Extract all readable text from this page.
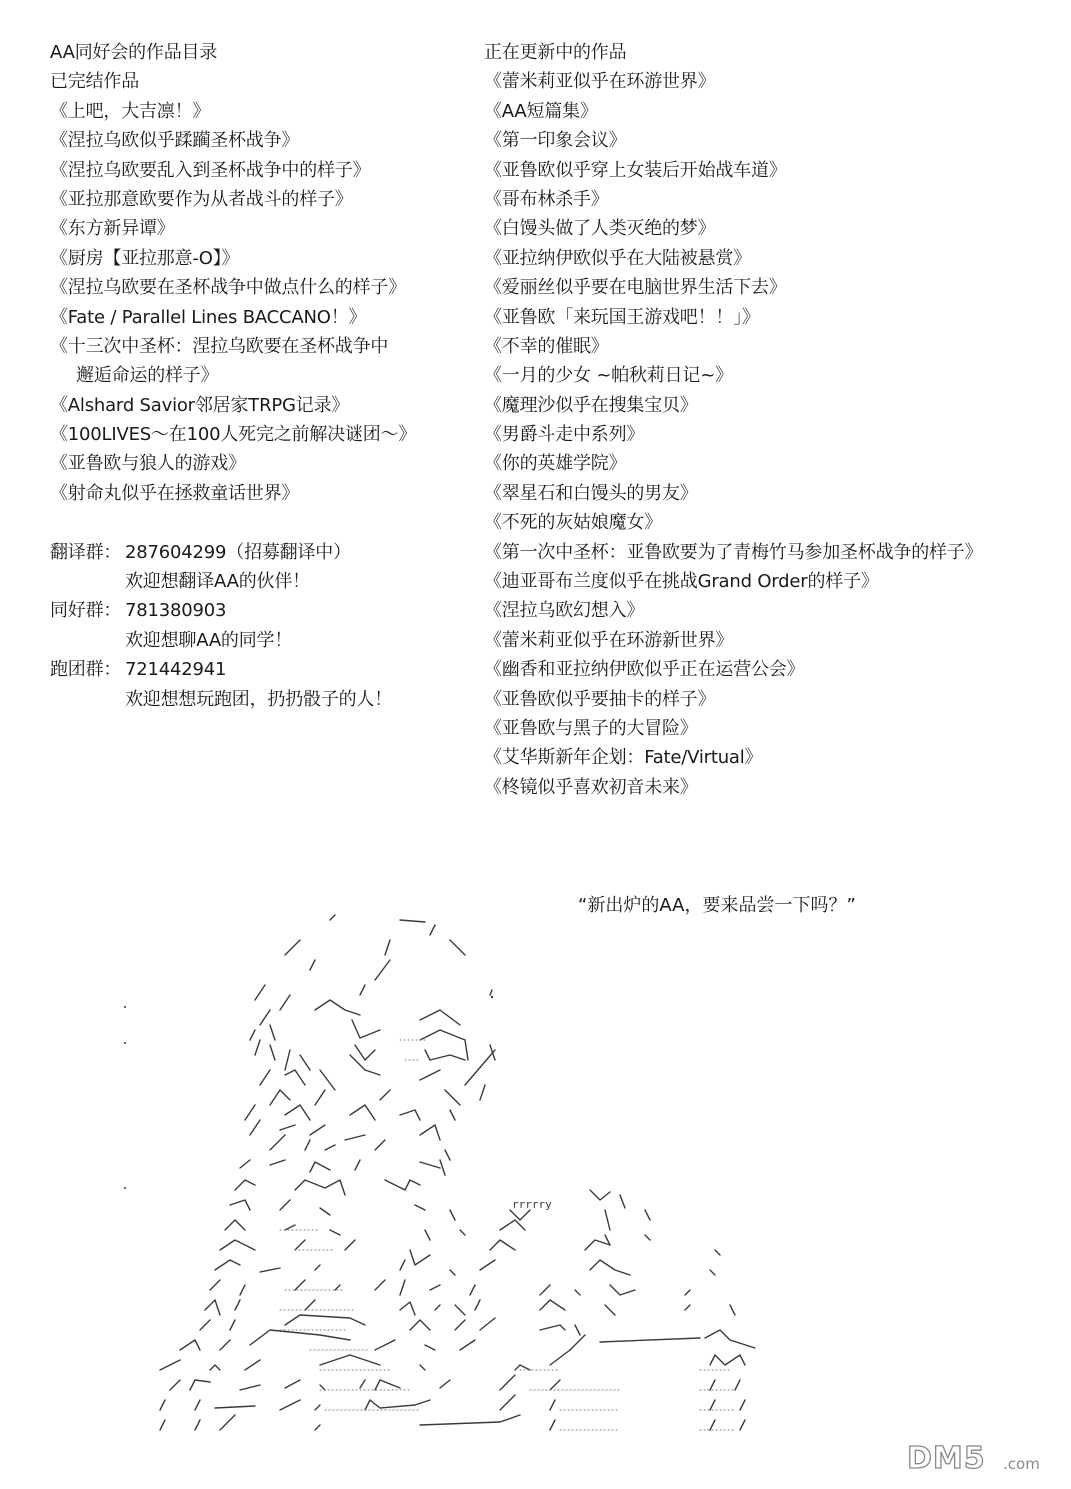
AA同好会的作品目录
已完结作品
《上吧，大吉凛！》
《涅拉乌欧似乎蹂躏圣杯战争》
《涅拉乌欧要乱入到圣杯战争中的样子》
《亚拉那意欧要作为从者战斗的样子》
《东方新异谭》
《厨房【亚拉那意-O】》
《涅拉乌欧要在圣杯战争中做点什么的样子》
《Fate / Parallel Lines BACCANO！》
《十三次中圣杯：涅拉乌欧要在圣杯战争中
邂逅命运的样子》
《Alshard Savior邻居家TRPG记录》
《100LIVES～在100人死完之前解决谜团～》
《亚鲁欧与狼人的游戏》
《射命丸似乎在拯救童话世界》
翻译群： 287604299（招募翻译中）
欢迎想翻译AA的伙伴！
同好群： 781380903
欢迎想聊AA的同学！
跑团群： 721442941
欢迎想想玩跑团，扔扔骰子的人！
正在更新中的作品
《蕾米莉亚似乎在环游世界》
《AA短篇集》
《第一印象会议》
《亚鲁欧似乎穿上女装后开始战车道》
《哥布林杀手》
《白馒头做了人类灭绝的梦》
《亚拉纳伊欧似乎在大陆被悬赏》
《爱丽丝似乎要在电脑世界生活下去》
《亚鲁欧「来玩国王游戏吧！！」》
《不幸的催眠》
《一月的少女 ~帕秋莉日记~》
《魔理沙似乎在搜集宝贝》
《男爵斗走中系列》
《你的英雄学院》
《翠星石和白馒头的男友》
《不死的灰姑娘魔女》
《第一次中圣杯：亚鲁欧要为了青梅竹马参加圣杯战争的样子》
《迪亚哥布兰度似乎在挑战Grand Order的样子》
《涅拉乌欧幻想入》
《蕾米莉亚似乎在环游新世界》
《幽香和亚拉纳伊欧似乎正在运营公会》
《亚鲁欧似乎要抽卡的样子》
《亚鲁欧与黑子的大冒险》
《艾华斯新年企划：Fate/Virtual》
《柊镜似乎喜欢初音未来》
“新出炉的AA，要来品尝一下吗？”
rrrrry
DM5 .com
